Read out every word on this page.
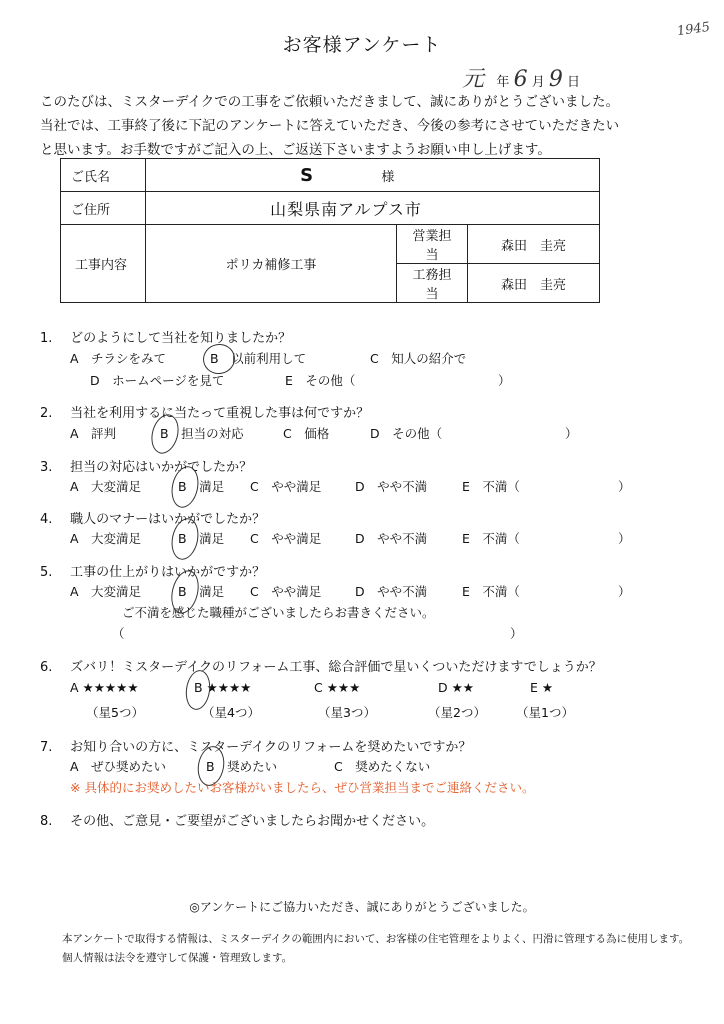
お客様アンケート
1945
元 年 6 月 9 日
このたびは、ミスターデイクでの工事をご依頼いただきまして、誠にありがとうございました。
当社では、工事終了後に下記のアンケートに答えていただき、今後の参考にさせていただきたい
と思います。お手数ですがご記入の上、ご返送下さいますようお願い申し上げます。
ご氏名	S 様		
ご住所	山梨県南アルプス市		
工事内容	ポリカ補修工事	営業担当	森田　圭亮
		工務担当	森田　圭亮
1. どのようにして当社を知りましたか？
A　チラシをみて	B　以前利用して	C　知人の紹介で
D　ホームページを見て	E　その他（	）
2. 当社を利用するに当たって重視した事は何ですか？
A　評判	B　担当の対応	C　価格	D　その他（	）
3. 担当の対応はいかがでしたか？
A　大変満足	B　満足 C　やや満足	D　やや不満	E　不満（	）
4. 職人のマナーはいかがでしたか？
A　大変満足	B　満足 C　やや満足	D　やや不満	E　不満（	）
5. 工事の仕上がりはいかがですか？
A　大変満足	B　満足 C　やや満足	D　やや不満	E　不満（	）
ご不満を感じた職種がございましたらお書きください。
（	）
6. ズバリ！ミスターデイクのリフォーム工事、総合評価で星いくついただけますでしょうか？
A ★★★★★	B ★★★★	C ★★★	D ★★	E ★
（星5つ）	（星4つ）	（星3つ）	（星2つ） （星1つ）
7. お知り合いの方に、ミスターデイクのリフォームを奨めたいですか？
A　ぜひ奨めたい	B　奨めたい	C　奨めたくない
※ 具体的にお奨めしたいお客様がいましたら、ぜひ営業担当までご連絡ください。
8. その他、ご意見・ご要望がございましたらお聞かせください。
◎アンケートにご協力いただき、誠にありがとうございました。
本アンケートで取得する情報は、ミスターデイクの範囲内において、お客様の住宅管理をよりよく、円滑に管理する為に使用します。
個人情報は法令を遵守して保護・管理致します。
